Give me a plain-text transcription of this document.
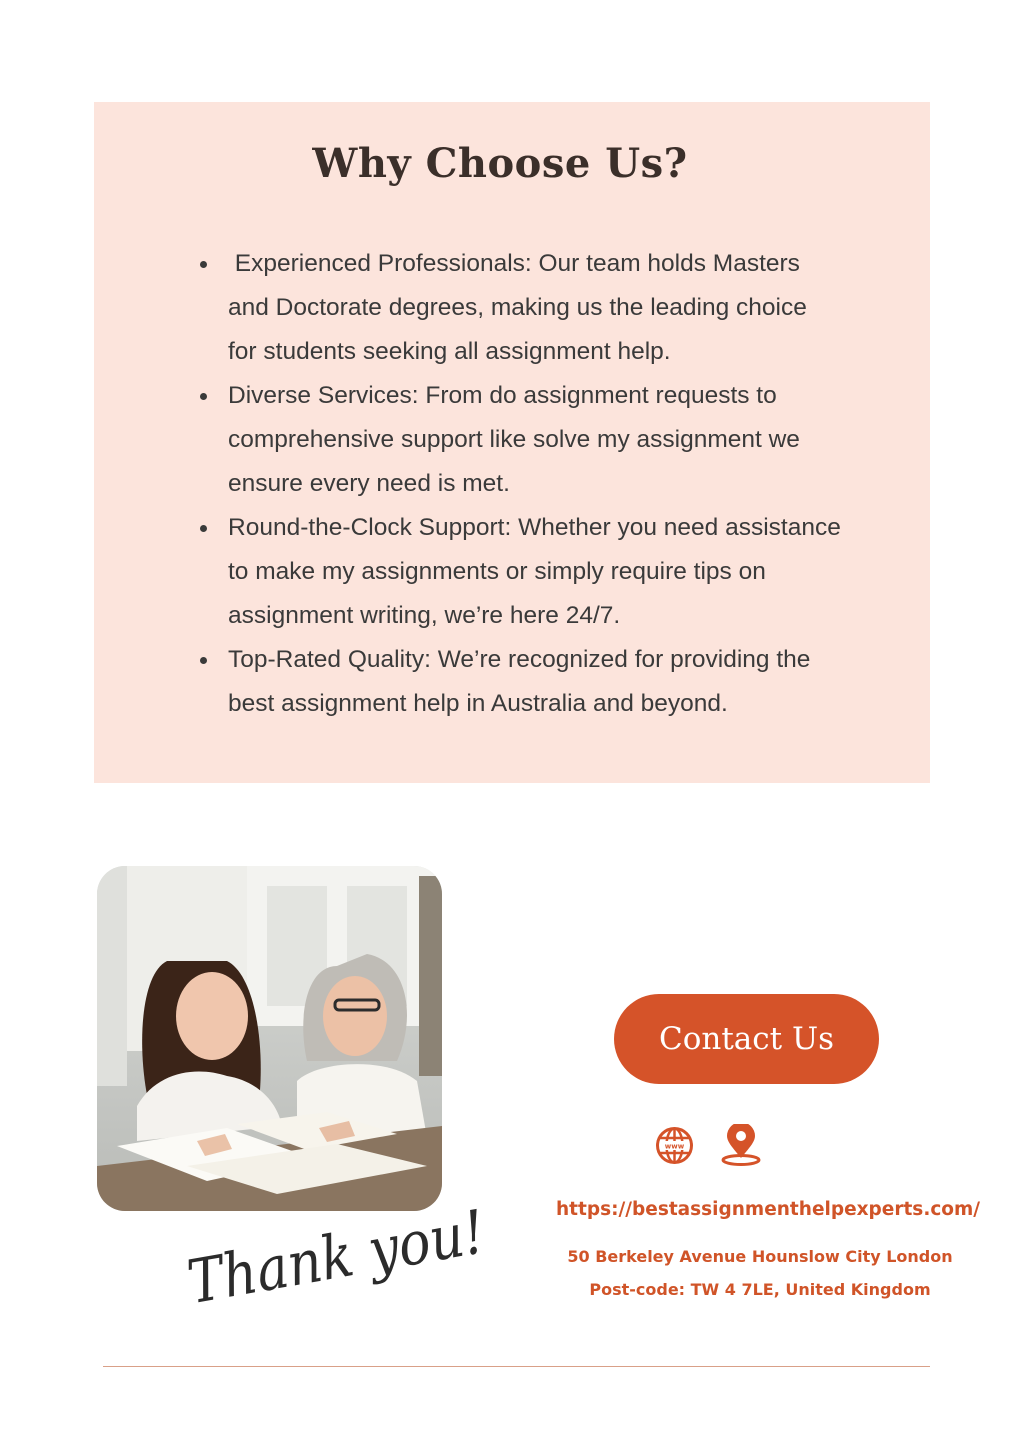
Why Choose Us?
Experienced Professionals: Our team holds Masters
and Doctorate degrees, making us the leading choice
for students seeking all assignment help.
Diverse Services: From do assignment requests to
comprehensive support like solve my assignment we
ensure every need is met.
Round-the-Clock Support: Whether you need assistance
to make my assignments or simply require tips on
assignment writing, we’re here 24/7.
Top-Rated Quality: We’re recognized for providing the
best assignment help in Australia and beyond.
Thank you!
Contact Us
www
https://bestassignmenthelpexperts.com/
50 Berkeley Avenue Hounslow City London
Post-code: TW 4 7LE, United Kingdom
